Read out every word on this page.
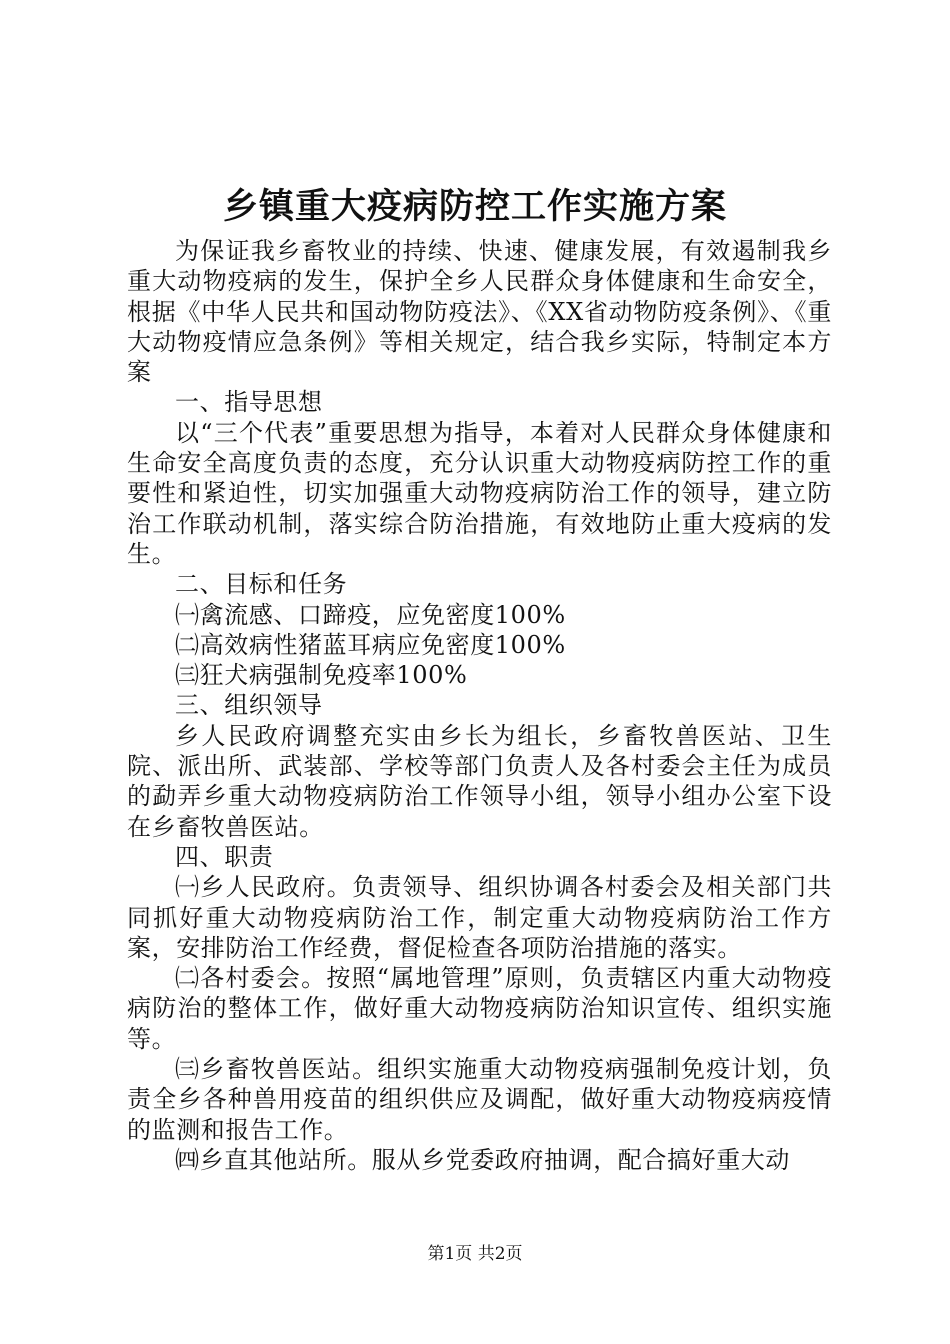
乡镇重大疫病防控工作实施方案

为保证我乡畜牧业的持续、快速、健康发展，有效遏制我乡重大动物疫病的发生，保护全乡人民群众身体健康和生命安全，根据《中华人民共和国动物防疫法》、《XX省动物防疫条例》、《重大动物疫情应急条例》等相关规定，结合我乡实际，特制定本方案

一、指导思想

以“三个代表”重要思想为指导，本着对人民群众身体健康和生命安全高度负责的态度，充分认识重大动物疫病防控工作的重要性和紧迫性，切实加强重大动物疫病防治工作的领导，建立防治工作联动机制，落实综合防治措施，有效地防止重大疫病的发生。

二、目标和任务

㈠禽流感、口蹄疫，应免密度100%

㈡高效病性猪蓝耳病应免密度100%

㈢狂犬病强制免疫率100%

三、组织领导

乡人民政府调整充实由乡长为组长，乡畜牧兽医站、卫生院、派出所、武装部、学校等部门负责人及各村委会主任为成员的勐弄乡重大动物疫病防治工作领导小组，领导小组办公室下设在乡畜牧兽医站。

四、职责

㈠乡人民政府。负责领导、组织协调各村委会及相关部门共同抓好重大动物疫病防治工作，制定重大动物疫病防治工作方案，安排防治工作经费，督促检查各项防治措施的落实。

㈡各村委会。按照“属地管理”原则，负责辖区内重大动物疫病防治的整体工作，做好重大动物疫病防治知识宣传、组织实施等。

㈢乡畜牧兽医站。组织实施重大动物疫病强制免疫计划，负责全乡各种兽用疫苗的组织供应及调配，做好重大动物疫病疫情的监测和报告工作。

㈣乡直其他站所。服从乡党委政府抽调，配合搞好重大动

第1页 共2页
